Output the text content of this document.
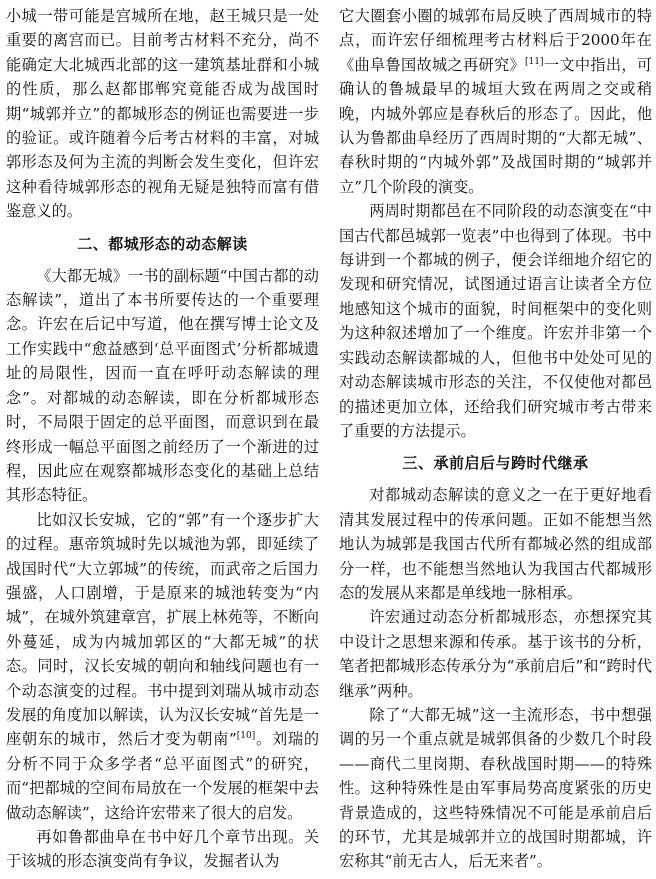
小城一带可能是宫城所在地，赵王城只是一处重要的离宫而已。目前考古材料不充分，尚不能确定大北城西北部的这一建筑基址群和小城的性质，那么赵都邯郸究竟能否成为战国时期“城郭并立”的都城形态的例证也需要进一步的验证。或许随着今后考古材料的丰富，对城郭形态及何为主流的判断会发生变化，但许宏这种看待城郭形态的视角无疑是独特而富有借鉴意义的。

二、都城形态的动态解读

《大都无城》一书的副标题“中国古都的动态解读”，道出了本书所要传达的一个重要理念。许宏在后记中写道，他在撰写博士论文及工作实践中“愈益感到‘总平面图式’分析都城遗址的局限性，因而一直在呼吁动态解读的理念”。对都城的动态解读，即在分析都城形态时，不局限于固定的总平面图，而意识到在最终形成一幅总平面图之前经历了一个渐进的过程，因此应在观察都城形态变化的基础上总结其形态特征。

比如汉长安城，它的“郭”有一个逐步扩大的过程。惠帝筑城时先以城池为郭，即延续了战国时代“大立郭城”的传统，而武帝之后国力强盛，人口剧增，于是原来的城池转变为“内城”，在城外筑建章宫，扩展上林苑等，不断向外蔓延，成为内城加郭区的“大都无城”的状态。同时，汉长安城的朝向和轴线问题也有一个动态演变的过程。书中提到刘瑞从城市动态发展的角度加以解读，认为汉长安城“首先是一座朝东的城市，然后才变为朝南”[10]。刘瑞的分析不同于众多学者“总平面图式”的研究，而“把都城的空间布局放在一个发展的框架中去做动态解读”，这给许宏带来了很大的启发。

再如鲁都曲阜在书中好几个章节出现。关于该城的形态演变尚有争议，发掘者认为

它大圈套小圈的城郭布局反映了西周城市的特点，而许宏仔细梳理考古材料后于2000年在《曲阜鲁国故城之再研究》[11]一文中指出，可确认的鲁城最早的城垣大致在两周之交或稍晚，内城外郭应是春秋后的形态了。因此，他认为鲁都曲阜经历了西周时期的“大都无城”、春秋时期的“内城外郭”及战国时期的“城郭并立”几个阶段的演变。

两周时期都邑在不同阶段的动态演变在“中国古代都邑城郭一览表”中也得到了体现。书中每讲到一个都城的例子，便会详细地介绍它的发现和研究情况，试图通过语言让读者全方位地感知这个城市的面貌，时间框架中的变化则为这种叙述增加了一个维度。许宏并非第一个实践动态解读都城的人，但他书中处处可见的对动态解读城市形态的关注，不仅使他对都邑的描述更加立体，还给我们研究城市考古带来了重要的方法提示。

三、承前启后与跨时代继承

对都城动态解读的意义之一在于更好地看清其发展过程中的传承问题。正如不能想当然地认为城郭是我国古代所有都城必然的组成部分一样，也不能想当然地认为我国古代都城形态的发展从来都是单线地一脉相承。

许宏通过动态分析都城形态，亦想探究其中设计之思想来源和传承。基于该书的分析，笔者把都城形态传承分为“承前启后”和“跨时代继承”两种。

除了“大都无城”这一主流形态，书中想强调的另一个重点就是城郭俱备的少数几个时段——商代二里岗期、春秋战国时期——的特殊性。这种特殊性是由军事局势高度紧张的历史背景造成的，这些特殊情况不可能是承前启后的环节，尤其是城郭并立的战国时期都城，许宏称其“前无古人，后无来者”。
